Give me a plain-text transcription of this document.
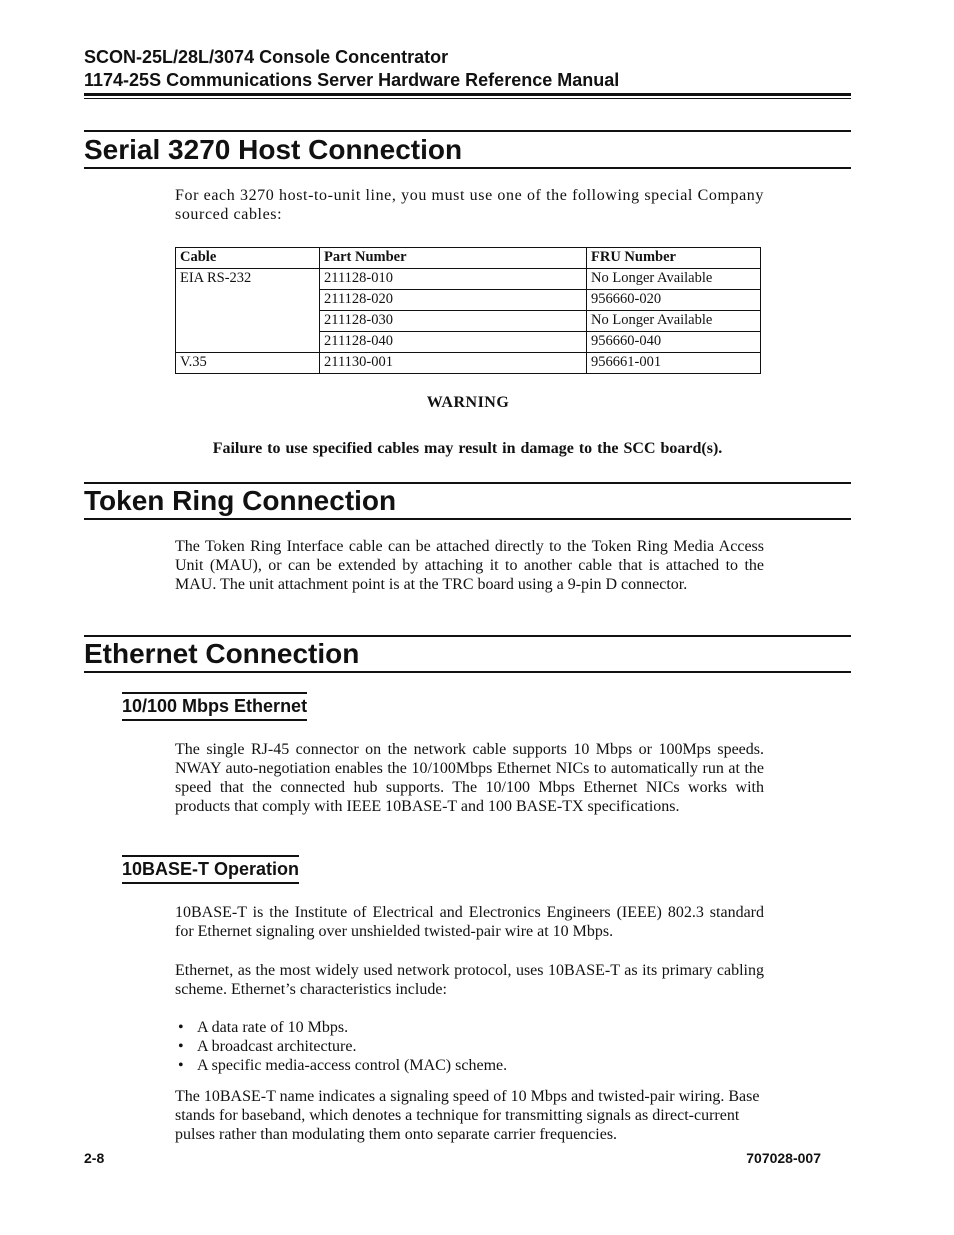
SCON-25L/28L/3074 Console Concentrator
1174-25S Communications Server Hardware Reference Manual
Serial 3270 Host Connection
For each 3270 host-to-unit line, you must use one of the following special Company sourced cables:
Cable	Part Number	FRU Number
EIA RS-232	211128-010	No Longer Available
	211128-020	956660-020
	211128-030	No Longer Available
	211128-040	956660-040
V.35	211130-001	956661-001
WARNING
Failure to use specified cables may result in damage to the SCC board(s).
Token Ring Connection
The Token Ring Interface cable can be attached directly to the Token Ring Media Access Unit (MAU), or can be extended by attaching it to another cable that is attached to the MAU. The unit attachment point is at the TRC board using a 9-pin D connector.
Ethernet Connection
10/100 Mbps Ethernet
The single RJ-45 connector on the network cable supports 10 Mbps or 100Mps speeds. NWAY auto-negotiation enables the 10/100Mbps Ethernet NICs to automatically run at the speed that the connected hub supports. The 10/100 Mbps Ethernet NICs works with products that comply with IEEE 10BASE-T and 100 BASE-TX specifications.
10BASE-T Operation
10BASE-T is the Institute of Electrical and Electronics Engineers (IEEE) 802.3 standard for Ethernet signaling over unshielded twisted-pair wire at 10 Mbps.
Ethernet, as the most widely used network protocol, uses 10BASE-T as its primary cabling scheme. Ethernet’s characteristics include:
• A data rate of 10 Mbps.
• A broadcast architecture.
• A specific media-access control (MAC) scheme.
The 10BASE-T name indicates a signaling speed of 10 Mbps and twisted-pair wiring. Base stands for baseband, which denotes a technique for transmitting signals as direct-current pulses rather than modulating them onto separate carrier frequencies.
2-8	707028-007
